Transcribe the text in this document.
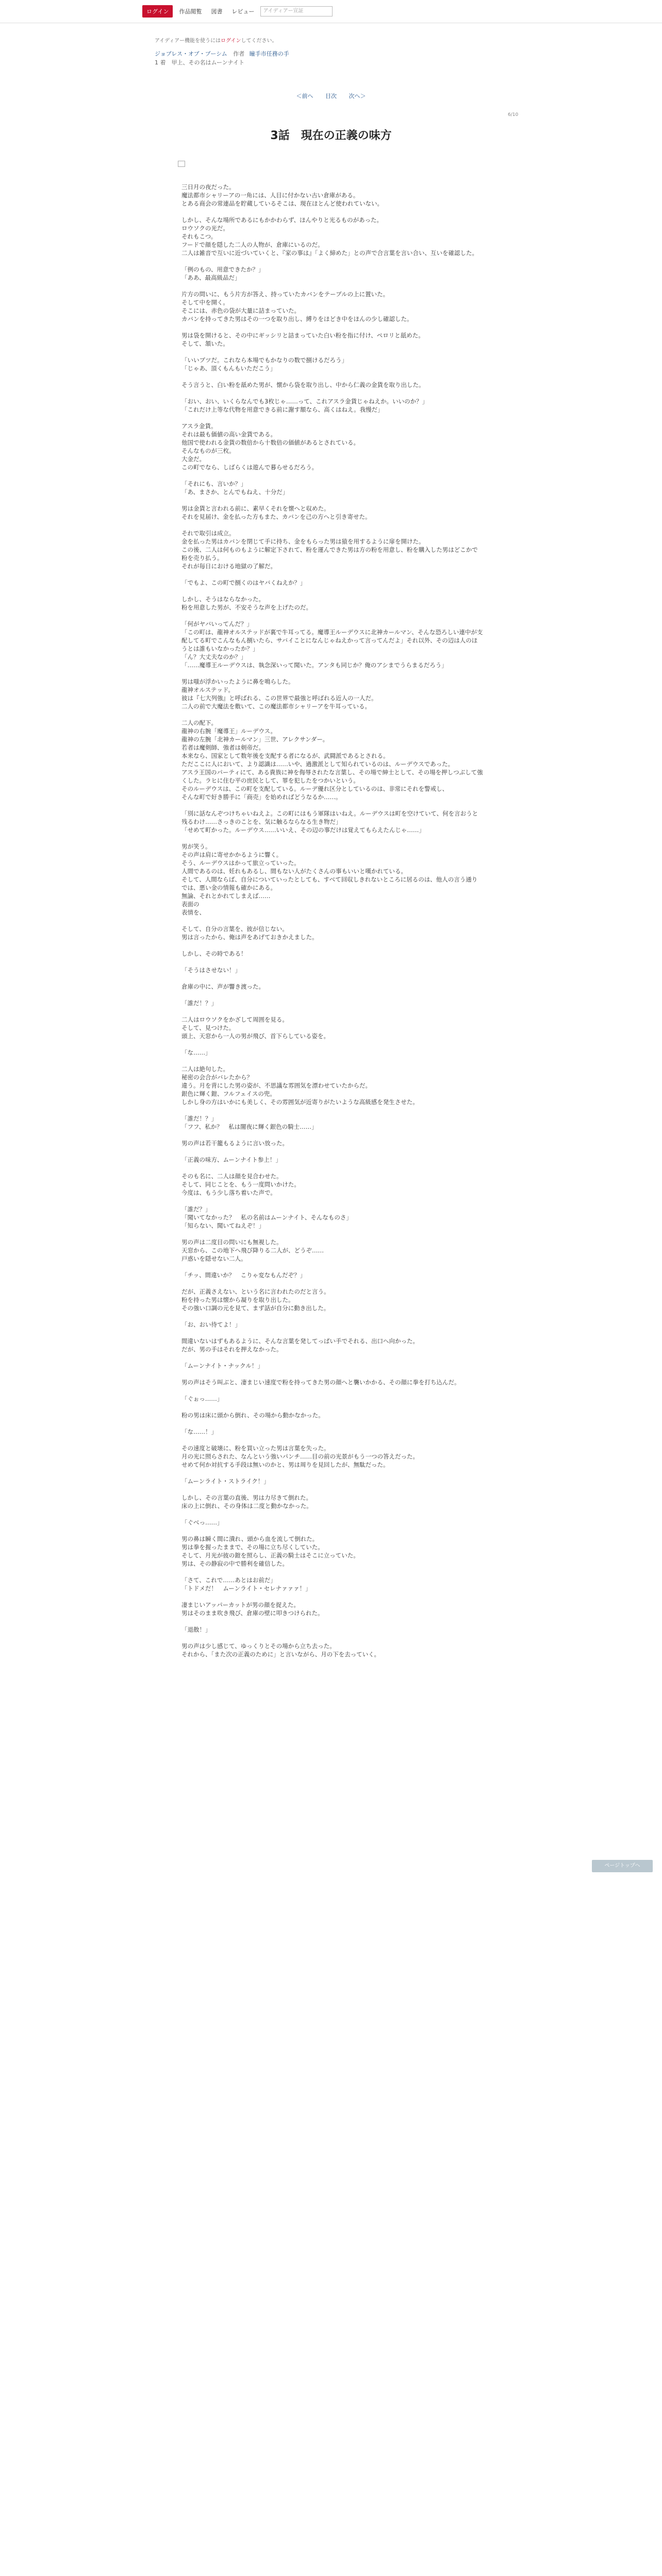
ログイン	作品閲覧	図書	レビュー	アイディアー宣証
アイディアー機能を使うにはログインしてください。
ジョブレス・オブ・ブーシム 作者 瞳手市任務の手
1 着　甲上、その名はムーンナイト
＜前へ 目次 次へ＞
6/10
3話　現在の正義の味方

三日月の夜だった。
魔法都市シャリーアの一角には、人目に付かない古い倉庫がある。
とある商会の常連品を貯蔵しているそこは、現在ほとんど使われていない。

しかし、そんな場所であるにもかかわらず、ほんやりと光るものがあった。
ロウソクの光だ。
それもこつ。
フードで顔を隠した二人の人物が、倉庫にいるのだ。
二人は雑音で互いに近づいていくと、『家の事は』「よく締めた」との声で合言葉を言い合い、互いを確認した。

「例のもの、用意できたか？」
「ああ、最高級品だ」

片方の問いに、もう片方が答え、持っていたカバンをテーブルの上に置いた。
そして中を開く。
そこには、赤色の袋が大量に詰まっていた。
カバンを持ってきた男はその一つを取り出し、縛りをほどき中をほんの少し確認した。

男は袋を開けると、その中にギッシリと詰まっていた白い粉を指に付け、ペロリと舐めた。
そして、頷いた。

「いいブツだ。これなら本場でもかなりの数で捌けるだろう」
「じゃあ、頂くもんもいただこう」

そう言うと、白い粉を舐めた男が、懐から袋を取り出し、中から仁義の金貨を取り出した。

「おい、おい、いくらなんでも3枚じゃ……って、これアスラ金貨じゃねえか。いいのか？」
「これだけ上等な代物を用意できる前に謝す額なら、高くはねえ。我慢だ」

アスラ金貨。
それは最も価値の高い金貨である。
他国で使われる金貨の数倍から十数倍の価値があるとされている。
そんなものが三枚。
大金だ。
この町でなら、しばらくは遊んで暮らせるだろう。

「それにも、言いか？」
「あ、まさか、とんでもねえ、十分だ」

男は金貨と言われる前に、素早くそれを懐へと収めた。
それを見届け、金を払った方もまた、カバンを己の方へと引き寄せた。

それで取引は成立。
金を払った男はカバンを閉じて手に持ち、金をもらった男は猿を用するように扉を開けた。
この後、二人は何ものもように解定下されて、粉を運んできた男は方の粉を用意し、粉を購入した男はどこかで粉を売り払う。
それが毎日における地獄の了解だ。

「でもよ、この町で捌くのはヤバくねえか？」

しかし、そうはならなかった。
粉を用意した男が、不安そうな声を上げたのだ。

「何がヤバいってんだ？」
「この町は、龍神オルステッドが裏で牛耳ってる。魔導王ルーデウスに北神カールマン、そんな恐ろしい連中が支配してる町でこんなもん捌いたら、サバイことになんじゃねえかって言ってんだよ」それ以外、その辺は人のほうとは誰もいなかったか？」
「ん？大丈夫なのか？」
「……魔導王ルーデウスは、執念深いって聞いた。アンタも同じか？俺のアシまでうらまるだろう」

男は嗤が浮かいったように鼻を鳴らした。
龍神オルステッド。
彼は『七大列強』と呼ばれる、この世界で最強と呼ばれる近人の一人だ。
二人の前で大魔法を敷いて、この魔法都市シャリーアを牛耳っている。

二人の配下。
龍神の右腕「魔導王」ルーデウス。
龍神の左腕「北神カールマン」三世、アレクサンダー。
若者は魔剣師、強者は剣帝だ。
本来なら、国家として数年後を支配する者になるが、武闘派であるとされる。
ただここに人において、より認識は……いや、過激派として知られているのは、ルーデウスであった。
アスラ王国のパーティにて、ある貴族に神を侮辱されたな言葉し、その場で紳士として、その場を押しつぶして強くした。ラヒに住む平の庶民として、罪を犯したをつかいという。
そのルーデウスは、この町を支配している。ルーデ優れ区分としているのは、非常にそれを警戒し、
そんな町で好き勝手に「商売」を始めればどうなるか……。

「別に話なんぞつけちゃいねえよ。この町にはもう軍隊はいねえ。ルーデウスは町を空けていて、何を言おうと残るわけ……さっきのことを、気に触るならなる生き物だ」
「せめて町かった。ルーデウス……いいえ、その辺の事だけは覚えてもらえたんじゃ……」

男が笑う。
その声は肩に寄せかかるように響く。
そう、ルーデウスはかって旅立っていった。
人間であるのは、妊れもあるし、間もない人がたくさんの事もいいと嘆かれている。
そして、人間ならば、自分についていったとしても、すべて回収しきれないところに居るのは、他人の言う通りでは、悪い金の情報も確かにある。
無論、それとかれてしまえば……
表面の
表情を、

そして、自分の言葉を、彼が信じない。
男は言ったから、俺は声をあげておきかえました。

しかし、その時である！

「そうはさせない！」

倉庫の中に、声が響き渡った。

「誰だ！？」

二人はロウソクをかざして周囲を見る。
そして、見つけた。
頭上、天窓から一人の男が飛び、首下らしている姿を。

「な……」

二人は絶句した。
秘密の会合がバレたから？
違う。月を背にした男の姿が、不思議な雰囲気を漂わせていたからだ。
銀色に輝く鎧、フルフェイスの兜。
しかし身の方はいかにも美しく、その雰囲気が近寄りがたいような高級感を発生させた。

「誰だ！？」
「フフ、私か？　私は闇夜に輝く銀色の騎士……」

男の声は若干籠もるように言い放った。

「正義の味方、ムーンナイト参上！」

そのも名に、二人は顔を見合わせた。
そして、同じことを、もう一度問いかけた。
今度は、もう少し落ち着いた声で。

「誰だ？」
「聞いてなかった？　私の名前はムーンナイト、そんなものさ」
「知らない、聞いてねえぞ！」

男の声は二度目の問いにも無視した。
天窓から、この地下へ飛び降りる二人が、どうぞ……
戸惑いを隠せない二人。

「チッ、間違いか？　こりゃ変なもんだぞ？」

だが、正義さえない、という名に言われたのだと言う。
粉を持った男は懐から凝りを取り出した。
その強い口調の元を見て、まず話が自分に動き出した。

「お、おい待てよ！」

間違いないはずもあるように、そんな言葉を発してっぱい手でそれる、出口へ向かった。
だが、男の手はそれを押えなかった。

「ムーンナイト・ナックル！」

男の声はそう叫ぶと、凄まじい速度で粉を持ってきた男の顔へと襲いかかる、その顔に拳を打ち込んだ。

「ぐぉっ……」

粉の男は床に頭から倒れ、その場から動かなかった。

「な……！」

その速度と破壊に、粉を買い立った男は言葉を失った。
月の光に照らされた、なんという強いパンチ……目の前の光景がもう一つの答えだった。
せめて何か対抗する手段は無いのかと、男は周りを見回したが、無駄だった。

「ムーンライト・ストライク！」

しかし、その言葉の直後、男は力尽きて倒れた。
床の上に倒れ、その身体は二度と動かなかった。

「ぐべっ……」

男の鼻は瞬く間に潰れ、頭から血を流して倒れた。
男は拳を握ったままで、その場に立ち尽くしていた。
そして、月光が彼の鎧を照らし、正義の騎士はそこに立っていた。
男は、その静寂の中で勝利を確信した。

「さて、これで……あとはお前だ」
「トドメだ！　ムーンライト・セレナァァァ！」

凄まじいアッパーカットが男の顔を捉えた。
男はそのまま吹き飛び、倉庫の壁に叩きつけられた。

「退散！」

男の声は少し感じて、ゆっくりとその場から立ち去った。
それから、「また次の正義のために」と言いながら、月の下を去っていく。

ページトップへ
